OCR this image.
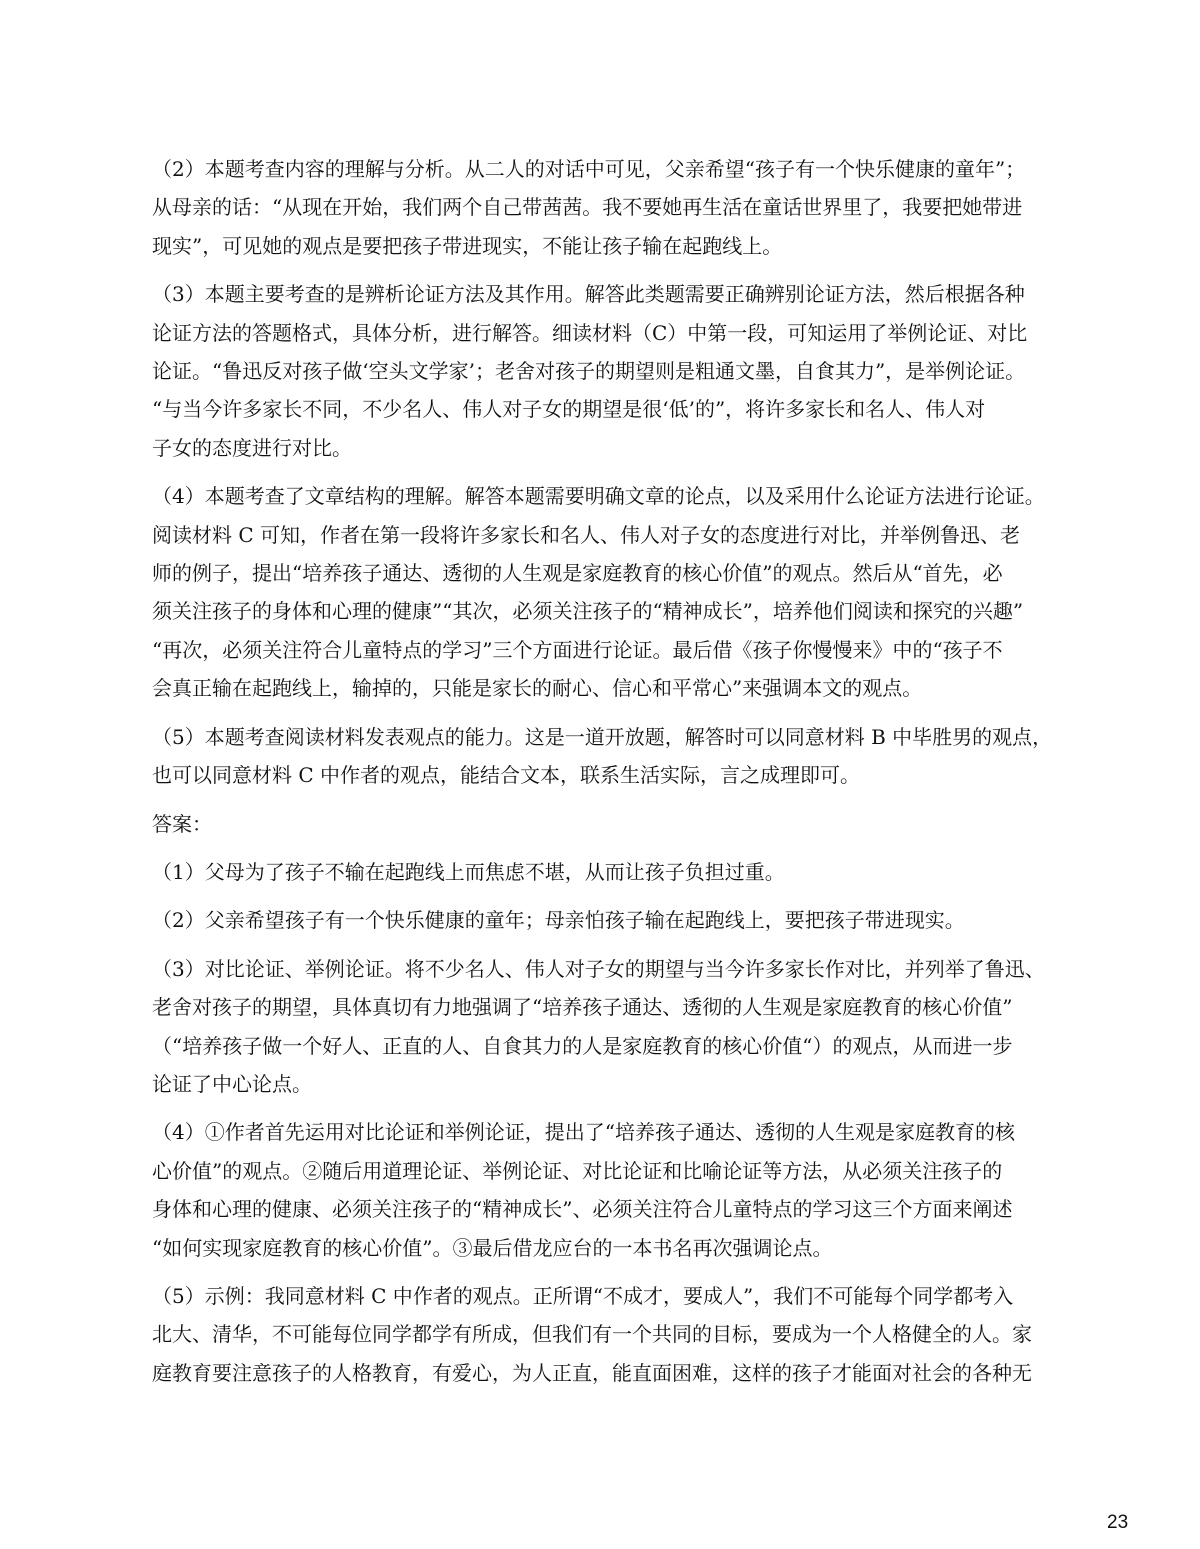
（2）本题考查内容的理解与分析。从二人的对话中可见，父亲希望“孩子有一个快乐健康的童年”；
从母亲的话：“从现在开始，我们两个自己带茜茜。我不要她再生活在童话世界里了，我要把她带进
现实”，可见她的观点是要把孩子带进现实，不能让孩子输在起跑线上。
（3）本题主要考查的是辨析论证方法及其作用。解答此类题需要正确辨别论证方法，然后根据各种
论证方法的答题格式，具体分析，进行解答。细读材料（C）中第一段，可知运用了举例论证、对比
论证。“鲁迅反对孩子做‘空头文学家’；老舍对孩子的期望则是粗通文墨，自食其力”，是举例论证。
“与当今许多家长不同，不少名人、伟人对子女的期望是很‘低’的”，将许多家长和名人、伟人对
子女的态度进行对比。
（4）本题考查了文章结构的理解。解答本题需要明确文章的论点，以及采用什么论证方法进行论证。
阅读材料 C 可知，作者在第一段将许多家长和名人、伟人对子女的态度进行对比，并举例鲁迅、老
师的例子，提出“培养孩子通达、透彻的人生观是家庭教育的核心价值”的观点。然后从“首先，必
须关注孩子的身体和心理的健康”“其次，必须关注孩子的“精神成长”，培养他们阅读和探究的兴趣”
“再次，必须关注符合儿童特点的学习”三个方面进行论证。最后借《孩子你慢慢来》中的“孩子不
会真正输在起跑线上，输掉的，只能是家长的耐心、信心和平常心”来强调本文的观点。
（5）本题考查阅读材料发表观点的能力。这是一道开放题，解答时可以同意材料 B 中毕胜男的观点，
也可以同意材料 C 中作者的观点，能结合文本，联系生活实际，言之成理即可。
答案：
（1）父母为了孩子不输在起跑线上而焦虑不堪，从而让孩子负担过重。
（2）父亲希望孩子有一个快乐健康的童年；母亲怕孩子输在起跑线上，要把孩子带进现实。
（3）对比论证、举例论证。将不少名人、伟人对子女的期望与当今许多家长作对比，并列举了鲁迅、
老舍对孩子的期望，具体真切有力地强调了“培养孩子通达、透彻的人生观是家庭教育的核心价值”
（“培养孩子做一个好人、正直的人、自食其力的人是家庭教育的核心价值“）的观点，从而进一步
论证了中心论点。
（4）①作者首先运用对比论证和举例论证，提出了“培养孩子通达、透彻的人生观是家庭教育的核
心价值”的观点。②随后用道理论证、举例论证、对比论证和比喻论证等方法，从必须关注孩子的
身体和心理的健康、必须关注孩子的“精神成长”、必须关注符合儿童特点的学习这三个方面来阐述
“如何实现家庭教育的核心价值”。③最后借龙应台的一本书名再次强调论点。
（5）示例：我同意材料 C 中作者的观点。正所谓“不成才，要成人”，我们不可能每个同学都考入
北大、清华，不可能每位同学都学有所成，但我们有一个共同的目标，要成为一个人格健全的人。家
庭教育要注意孩子的人格教育，有爱心，为人正直，能直面困难，这样的孩子才能面对社会的各种无
23
